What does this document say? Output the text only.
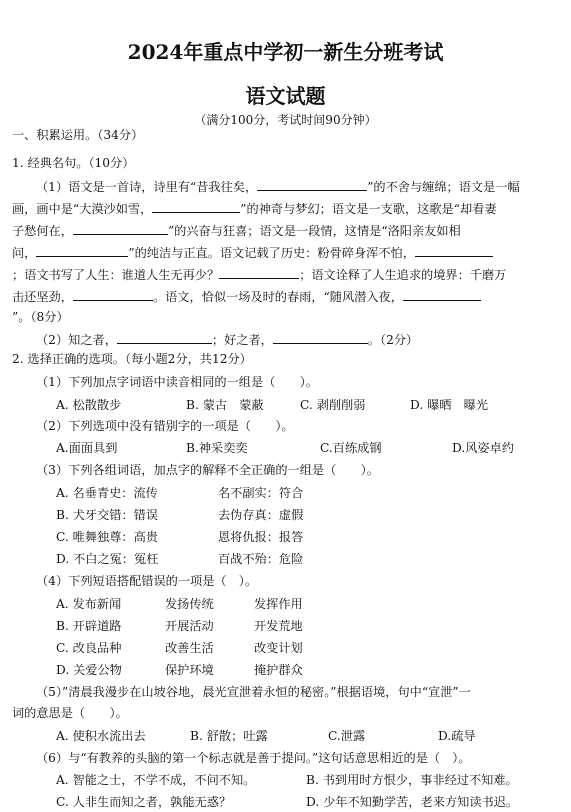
2024年重点中学初一新生分班考试
语文试题
（满分100分，考试时间90分钟）
一、积累运用。（34分）
1. 经典名句。（10分）
（1）语文是一首诗，诗里有“昔我往矣，	”的不舍与缠绵；语文是一幅
画，画中是“大漠沙如雪，	”的神奇与梦幻；语文是一支歌，这歌是“却看妻
子愁何在，	”的兴奋与狂喜；语文是一段情，这情是“洛阳亲友如相
问，	”的纯洁与正直。语文记载了历史：粉骨碎身浑不怕，
；语文书写了人生：谁道人生无再少？	；语文诠释了人生追求的境界：千磨万
击还坚劲，	。语文，恰似一场及时的春雨，“随风潜入夜，
”。（8分）
（2）知之者，	；好之者，	。（2分）
2. 选择正确的选项。（每小题2分，共12分）
（1）下列加点字词语中读音相同的一组是（　　）。
A. 松散散步	B. 蒙古　蒙蔽	C. 剥削削弱	D. 曝晒　曝光
（2）下列选项中没有错别字的一项是（　　）。
A.面面具到	B.神采奕奕	C.百练成钢	D.风姿卓约
（3）下列各组词语，加点字的解释不全正确的一组是（　　）。
A. 名垂青史：流传	名不副实：符合
B. 犬牙交错：错误	去伪存真：虚假
C. 唯舞独尊：高贵	恩将仇报：报答
D. 不白之冤：冤枉	百战不殆：危险
（4）下列短语搭配错误的一项是（　）。
A. 发布新闻	发扬传统	发挥作用
B. 开辟道路	开展活动	开发荒地
C. 改良品种	改善生活	改变计划
D. 关爱公物	保护环境	掩护群众
（5）”清晨我漫步在山坡谷地，晨光宣泄着永恒的秘密。”根据语境，句中“宣泄”一
词的意思是（　　）。
A. 使积水流出去	B. 舒散；吐露	C.泄露	D.疏导
（6）与“有教养的头脑的第一个标志就是善于提问。”这句话意思相近的是（　）。
A. 智能之士，不学不成，不问不知。	B. 书到用时方恨少，事非经过不知难。
C. 人非生而知之者，孰能无惑？	D. 少年不知勤学苦，老来方知读书迟。
